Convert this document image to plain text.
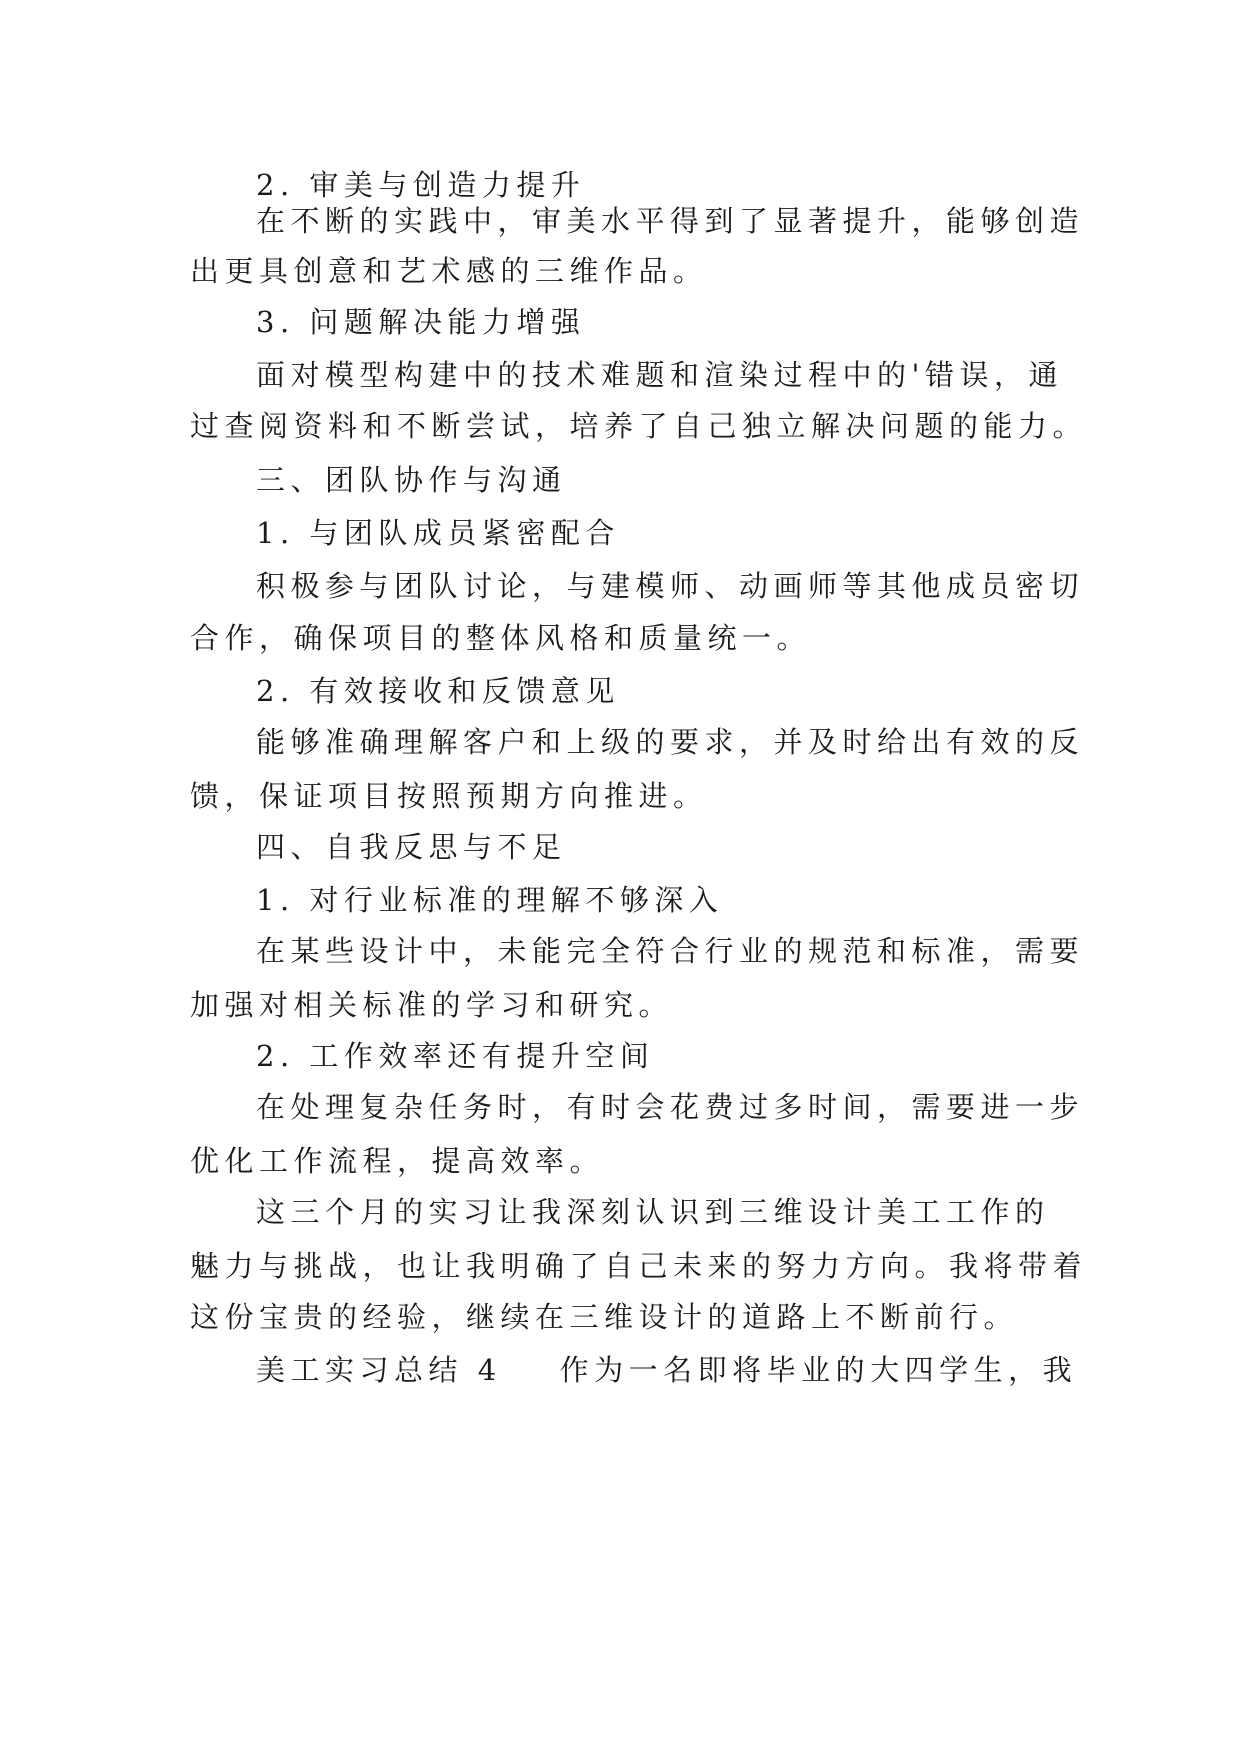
2. 审美与创造力提升
在不断的实践中，审美水平得到了显著提升，能够创造
出更具创意和艺术感的三维作品。
3. 问题解决能力增强
面对模型构建中的技术难题和渲染过程中的'错误，通
过查阅资料和不断尝试，培养了自己独立解决问题的能力。
三、团队协作与沟通
1. 与团队成员紧密配合
积极参与团队讨论，与建模师、动画师等其他成员密切
合作，确保项目的整体风格和质量统一。
2. 有效接收和反馈意见
能够准确理解客户和上级的要求，并及时给出有效的反
馈，保证项目按照预期方向推进。
四、自我反思与不足
1. 对行业标准的理解不够深入
在某些设计中，未能完全符合行业的规范和标准，需要
加强对相关标准的学习和研究。
2. 工作效率还有提升空间
在处理复杂任务时，有时会花费过多时间，需要进一步
优化工作流程，提高效率。
这三个月的实习让我深刻认识到三维设计美工工作的
魅力与挑战，也让我明确了自己未来的努力方向。我将带着
这份宝贵的经验，继续在三维设计的道路上不断前行。
美工实习总结 4 作为一名即将毕业的大四学生，我
